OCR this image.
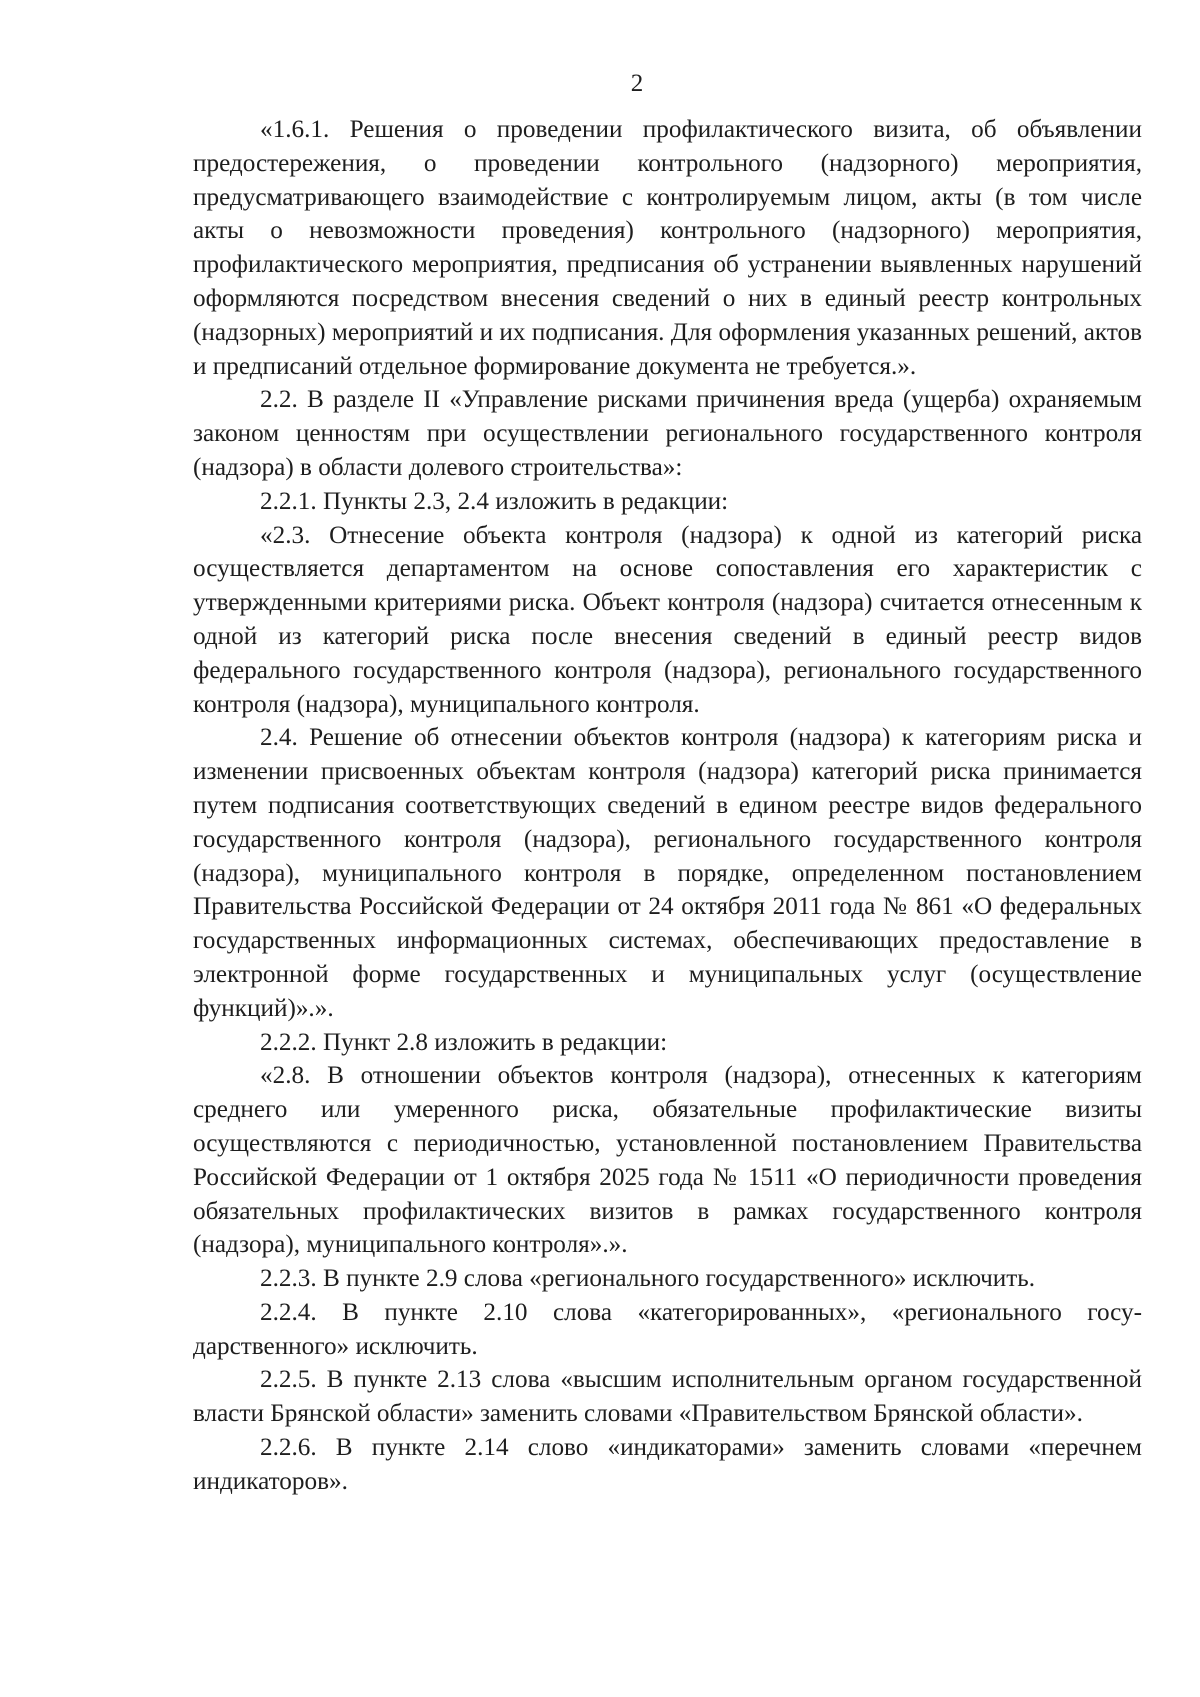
2

«1.6.1. Решения о проведении профилактического визита, об объявлении предостережения, о проведении контрольного (надзорного) мероприятия, предусматривающего взаимодействие с контролируемым лицом, акты (в том числе акты о невозможности проведения) контрольного (надзорного) мероприятия, профилактического мероприятия, предписания об устранении выявленных нарушений оформляются посредством внесения сведений о них в единый реестр контрольных (надзорных) мероприятий и их подписания. Для оформления указанных решений, актов и предписаний отдельное формирование документа не требуется.».

2.2. В разделе II «Управление рисками причинения вреда (ущерба) охраняемым законом ценностям при осуществлении регионального государственного контроля (надзора) в области долевого строительства»:

2.2.1. Пункты 2.3, 2.4 изложить в редакции:

«2.3. Отнесение объекта контроля (надзора) к одной из категорий риска осуществляется департаментом на основе сопоставления его характеристик с утвержденными критериями риска. Объект контроля (надзора) считается отнесенным к одной из категорий риска после внесения сведений в единый реестр видов федерального государственного контроля (надзора), регионального государственного контроля (надзора), муниципального контроля.

2.4. Решение об отнесении объектов контроля (надзора) к категориям риска и изменении присвоенных объектам контроля (надзора) категорий риска принимается путем подписания соответствующих сведений в едином реестре видов федерального государственного контроля (надзора), регионального государственного контроля (надзора), муниципального контроля в порядке, определенном постановлением Правительства Российской Федерации от 24 октября 2011 года № 861 «О федеральных государственных информационных системах, обеспечивающих предоставление в электронной форме государственных и муниципальных услуг (осуществление функций)».».

2.2.2. Пункт 2.8 изложить в редакции:

«2.8. В отношении объектов контроля (надзора), отнесенных к категориям среднего или умеренного риска, обязательные профилактические визиты осуществляются с периодичностью, установленной постановлением Правительства Российской Федерации от 1 октября 2025 года № 1511 «О периодичности проведения обязательных профилактических визитов в рамках государственного контроля (надзора), муниципального контроля».».

2.2.3. В пункте 2.9 слова «регионального государственного» исключить.

2.2.4. В пункте 2.10 слова «категорированных», «регионального государственного» исключить.

2.2.5. В пункте 2.13 слова «высшим исполнительным органом государственной власти Брянской области» заменить словами «Правительством Брянской области».

2.2.6. В пункте 2.14 слово «индикаторами» заменить словами «перечнем индикаторов».
